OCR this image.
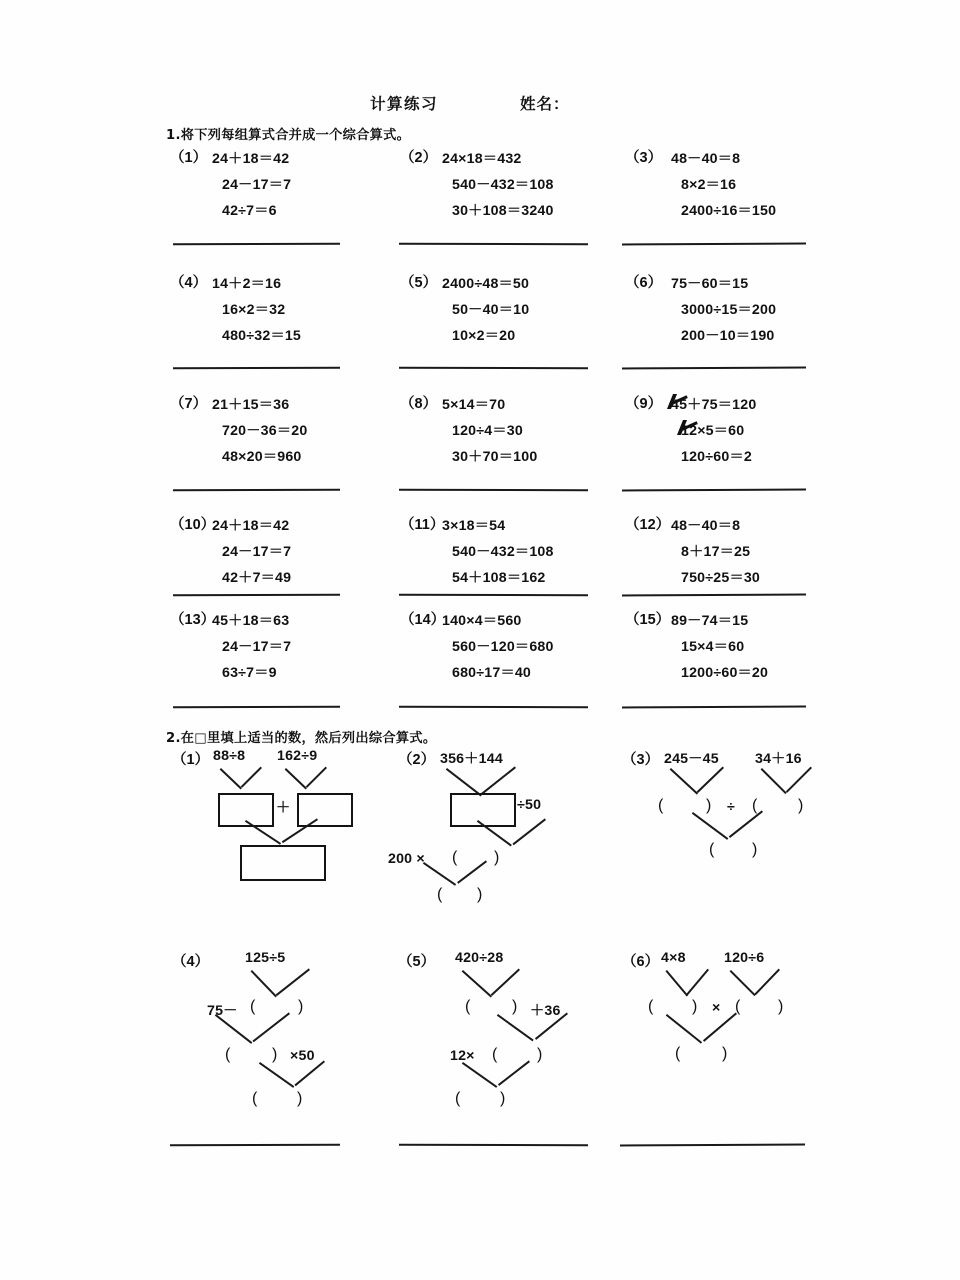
计算练习	姓名：
1.将下列每组算式合并成一个综合算式。
（1） 24＋18＝42
24－17＝7
42÷7＝6
（2） 24×18＝432
540－432＝108
30＋108＝3240
（3） 48－40＝8
8×2＝16
2400÷16＝150
（4） 14＋2＝16
16×2＝32
480÷32＝15
（5） 2400÷48＝50
50－40＝10
10×2＝20
（6） 75－60＝15
3000÷15＝200
200－10＝190
（7） 21＋15＝36
720－36＝20
48×20＝960
（8） 5×14＝70
120÷4＝30
30＋70＝100
（9） 45＋75＝120
12×5＝60
120÷60＝2
（10）
24＋18＝42
24－17＝7
42＋7＝49
（11）
3×18＝54
540－432＝108
54＋108＝162
（12） 48－40＝8
8＋17＝25
750÷25＝30
（13）
45＋18＝63
24－17＝7
63÷7＝9
（14）
140×4＝560
560－120＝680
680÷17＝40
（15） 89－74＝15
15×4＝60
1200÷60＝20
2.在□里填上适当的数，然后列出综合算式。
（1） 88÷8 162÷9
＋
（2） 356＋144
÷50
200 × ( )
( )
（3） 245－45	34＋16
(	) ÷ (	)
( )
（4）	125÷5
75－ (	)
(	) ×50
( )
（5） 420÷28
(	) ＋36
12× ( )
( )
（6） 4×8	120÷6
( ) × ( )
(	)
